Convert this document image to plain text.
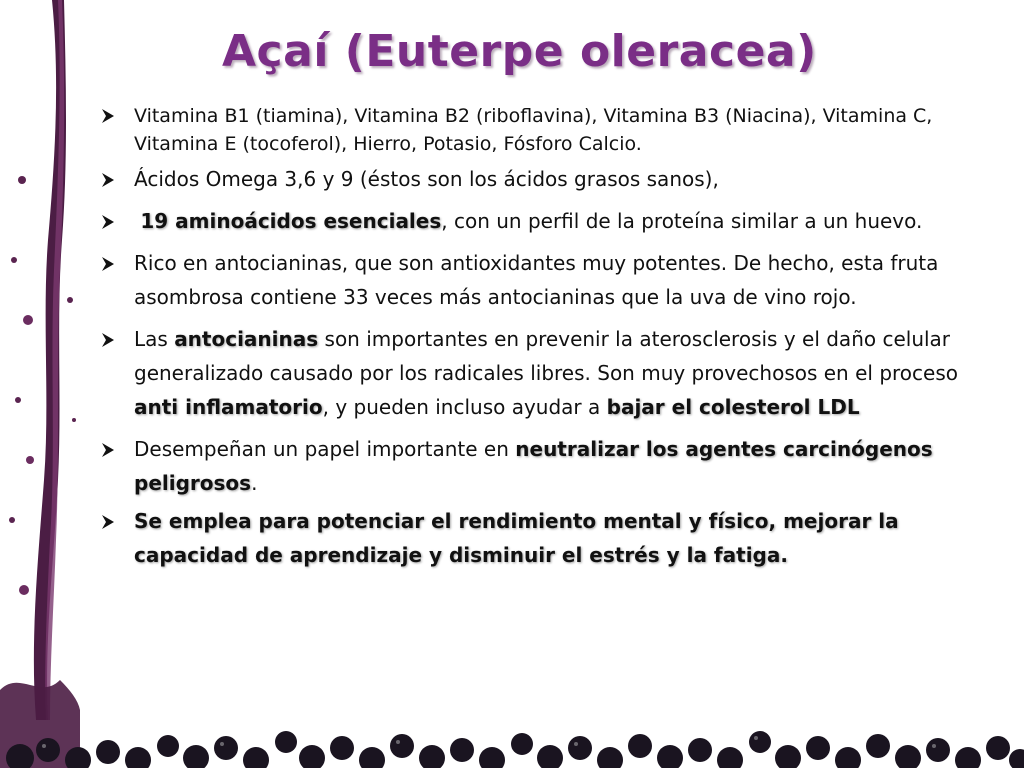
Açaí (Euterpe oleracea)
Vitamina B1 (tiamina), Vitamina B2 (riboflavina), Vitamina B3 (Niacina), Vitamina C, Vitamina E (tocoferol), Hierro, Potasio, Fósforo Calcio.
Ácidos Omega 3,6 y 9 (éstos son los ácidos grasos sanos),
19 aminoácidos esenciales, con un perfil de la proteína similar a un huevo.
Rico en antocianinas, que son antioxidantes muy potentes. De hecho, esta fruta asombrosa contiene 33 veces más antocianinas que la uva de vino rojo.
Las antocianinas son importantes en prevenir la aterosclerosis y el daño celular generalizado causado por los radicales libres. Son muy provechosos en el proceso anti inflamatorio, y pueden incluso ayudar a bajar el colesterol LDL
Desempeñan un papel importante en neutralizar los agentes carcinógenos peligrosos.
Se emplea para potenciar el rendimiento mental y físico, mejorar la capacidad de aprendizaje y disminuir el estrés y la fatiga.
